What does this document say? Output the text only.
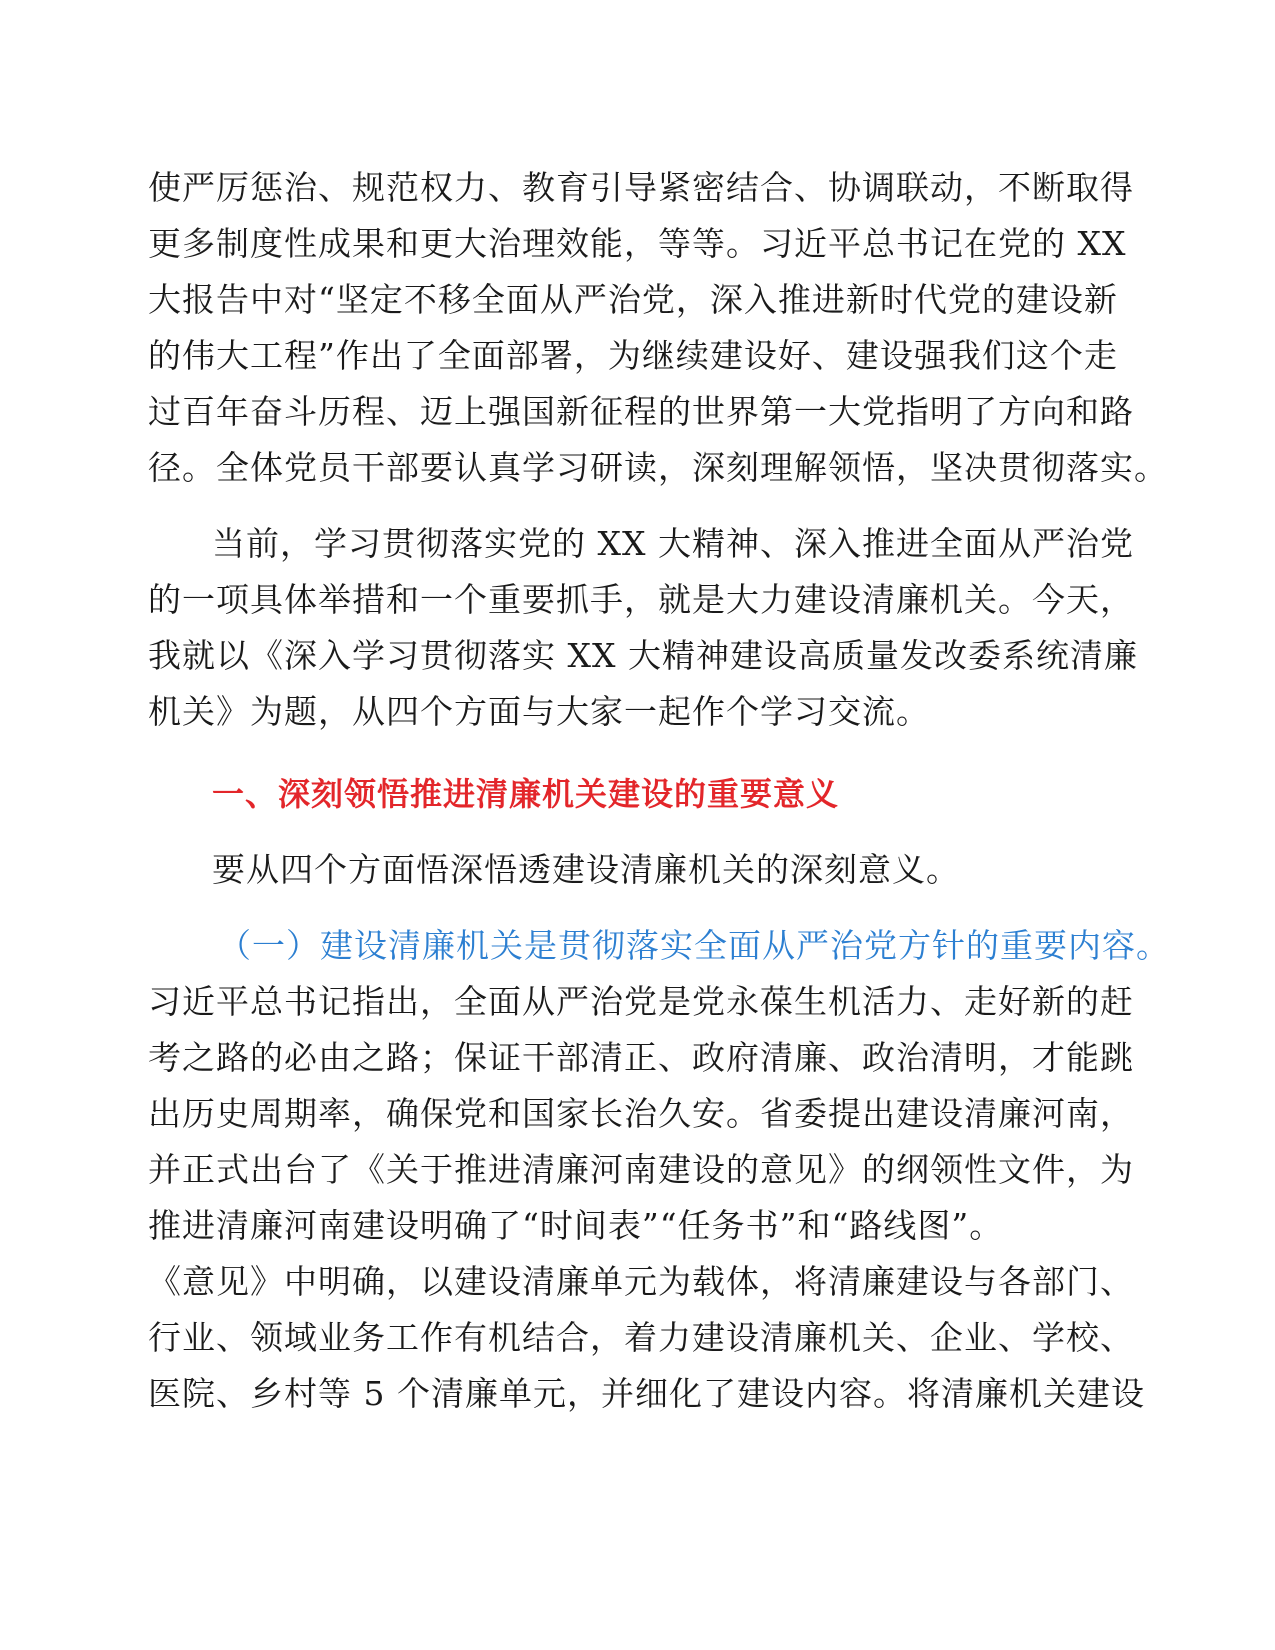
使严厉惩治、规范权力、教育引导紧密结合、协调联动，不断取得
更多制度性成果和更大治理效能，等等。习近平总书记在党的 XX
大报告中对“坚定不移全面从严治党，深入推进新时代党的建设新
的伟大工程”作出了全面部署，为继续建设好、建设强我们这个走
过百年奋斗历程、迈上强国新征程的世界第一大党指明了方向和路
径。全体党员干部要认真学习研读，深刻理解领悟，坚决贯彻落实。
当前，学习贯彻落实党的 XX 大精神、深入推进全面从严治党
的一项具体举措和一个重要抓手，就是大力建设清廉机关。今天，
我就以《深入学习贯彻落实 XX 大精神建设高质量发改委系统清廉
机关》为题，从四个方面与大家一起作个学习交流。
一、深刻领悟推进清廉机关建设的重要意义
要从四个方面悟深悟透建设清廉机关的深刻意义。
（一）建设清廉机关是贯彻落实全面从严治党方针的重要内容。
习近平总书记指出，全面从严治党是党永葆生机活力、走好新的赶
考之路的必由之路；保证干部清正、政府清廉、政治清明，才能跳
出历史周期率，确保党和国家长治久安。省委提出建设清廉河南，
并正式出台了《关于推进清廉河南建设的意见》的纲领性文件，为
推进清廉河南建设明确了“时间表”“任务书”和“路线图”。
《意见》中明确，以建设清廉单元为载体，将清廉建设与各部门、
行业、领域业务工作有机结合，着力建设清廉机关、企业、学校、
医院、乡村等 5 个清廉单元，并细化了建设内容。将清廉机关建设
